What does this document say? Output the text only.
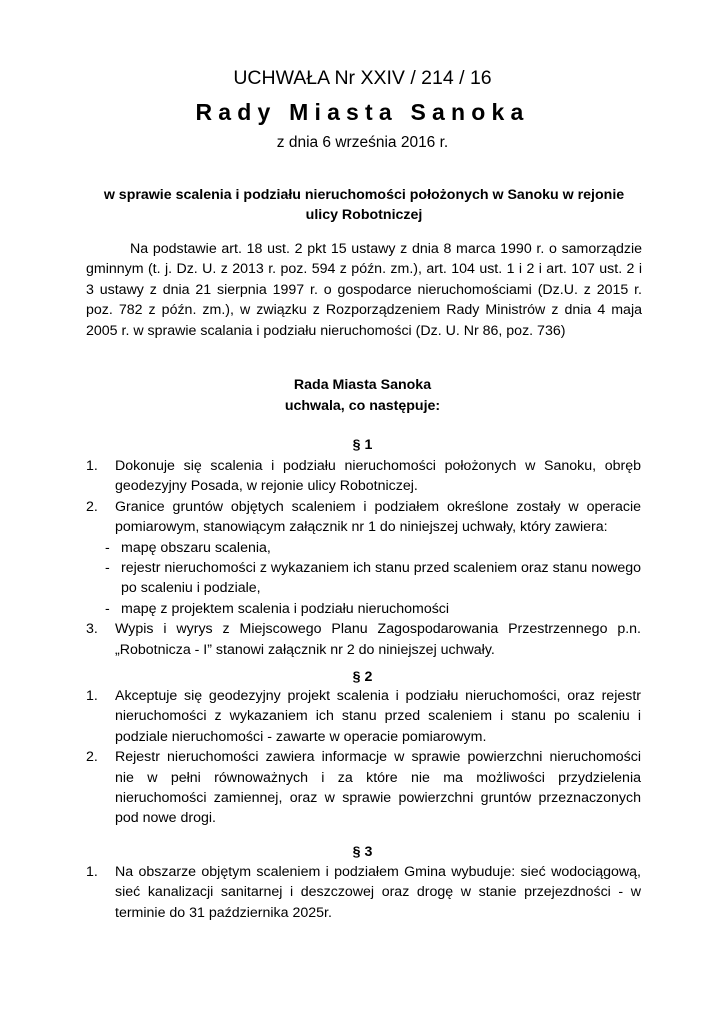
UCHWAŁA Nr XXIV / 214 / 16
Rady Miasta Sanoka
z dnia 6 września 2016 r.
w sprawie scalenia i podziału nieruchomości położonych w Sanoku w rejonie ulicy Robotniczej

Na podstawie art. 18 ust. 2 pkt 15 ustawy z dnia 8 marca 1990 r. o samorządzie gminnym (t. j. Dz. U. z 2013 r. poz. 594 z późn. zm.), art. 104 ust. 1 i 2 i art. 107 ust. 2 i 3 ustawy z dnia 21 sierpnia 1997 r. o gospodarce nieruchomościami (Dz.U. z 2015 r. poz. 782 z późn. zm.), w związku z Rozporządzeniem Rady Ministrów z dnia 4 maja 2005 r. w sprawie scalania i podziału nieruchomości (Dz. U. Nr 86, poz. 736)

Rada Miasta Sanoka
uchwala, co następuje:
§ 1
1. Dokonuje się scalenia i podziału nieruchomości położonych w Sanoku, obręb geodezyjny Posada, w rejonie ulicy Robotniczej.
2. Granice gruntów objętych scaleniem i podziałem określone zostały w operacie pomiarowym, stanowiącym załącznik nr 1 do niniejszej uchwały, który zawiera:
- mapę obszaru scalenia,
- rejestr nieruchomości z wykazaniem ich stanu przed scaleniem oraz stanu nowego po scaleniu i podziale,
- mapę z projektem scalenia i podziału nieruchomości
3. Wypis i wyrys z Miejscowego Planu Zagospodarowania Przestrzennego p.n. „Robotnicza - I” stanowi załącznik nr 2 do niniejszej uchwały.
§ 2
1. Akceptuje się geodezyjny projekt scalenia i podziału nieruchomości, oraz rejestr nieruchomości z wykazaniem ich stanu przed scaleniem i stanu po scaleniu i podziale nieruchomości - zawarte w operacie pomiarowym.
2. Rejestr nieruchomości zawiera informacje w sprawie powierzchni nieruchomości nie w pełni równoważnych i za które nie ma możliwości przydzielenia nieruchomości zamiennej, oraz w sprawie powierzchni gruntów przeznaczonych pod nowe drogi.
§ 3
1. Na obszarze objętym scaleniem i podziałem Gmina wybuduje: sieć wodociągową, sieć kanalizacji sanitarnej i deszczowej oraz drogę w stanie przejezdności - w terminie do 31 października 2025r.
